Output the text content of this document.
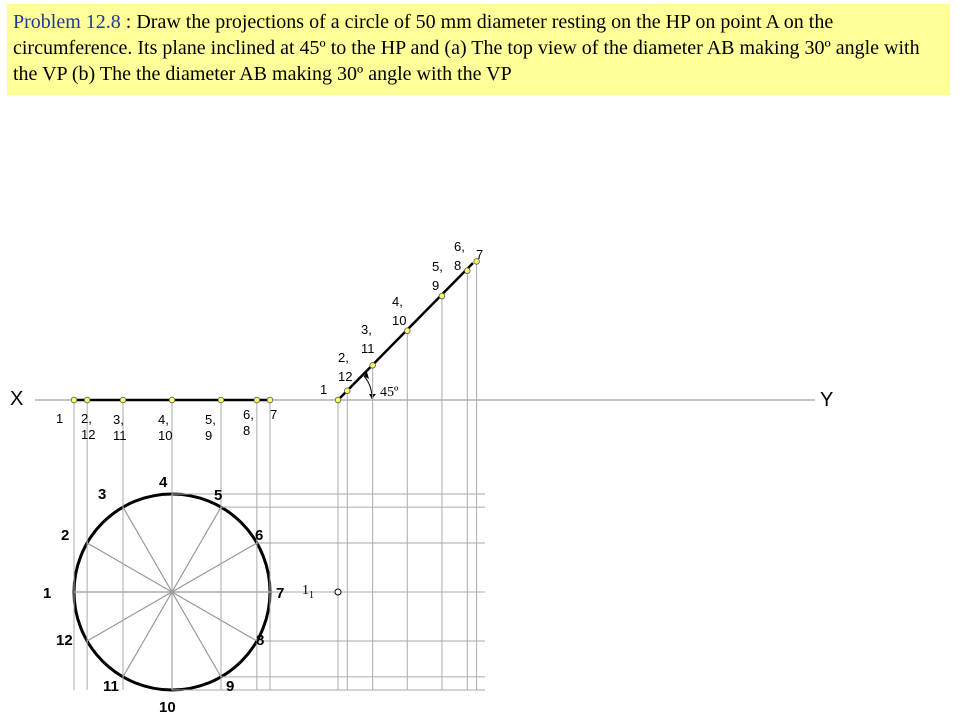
Problem 12.8 : Draw the projections of a circle of 50 mm diameter resting on the HP on point A on the circumference. Its plane inclined at 45º to the HP and (a) The top view of the diameter AB making 30º angle with the VP (b) The the diameter AB making 30º angle with the VP
X	Y
45º
1 2, 12
3, 11
4, 10
5, 9
6, 8
7
1
2, 12
3, 11
4, 10
5, 9
6, 8
7
1
2
3
4
5
6
7
8
9
10
11
12
$1_1$
